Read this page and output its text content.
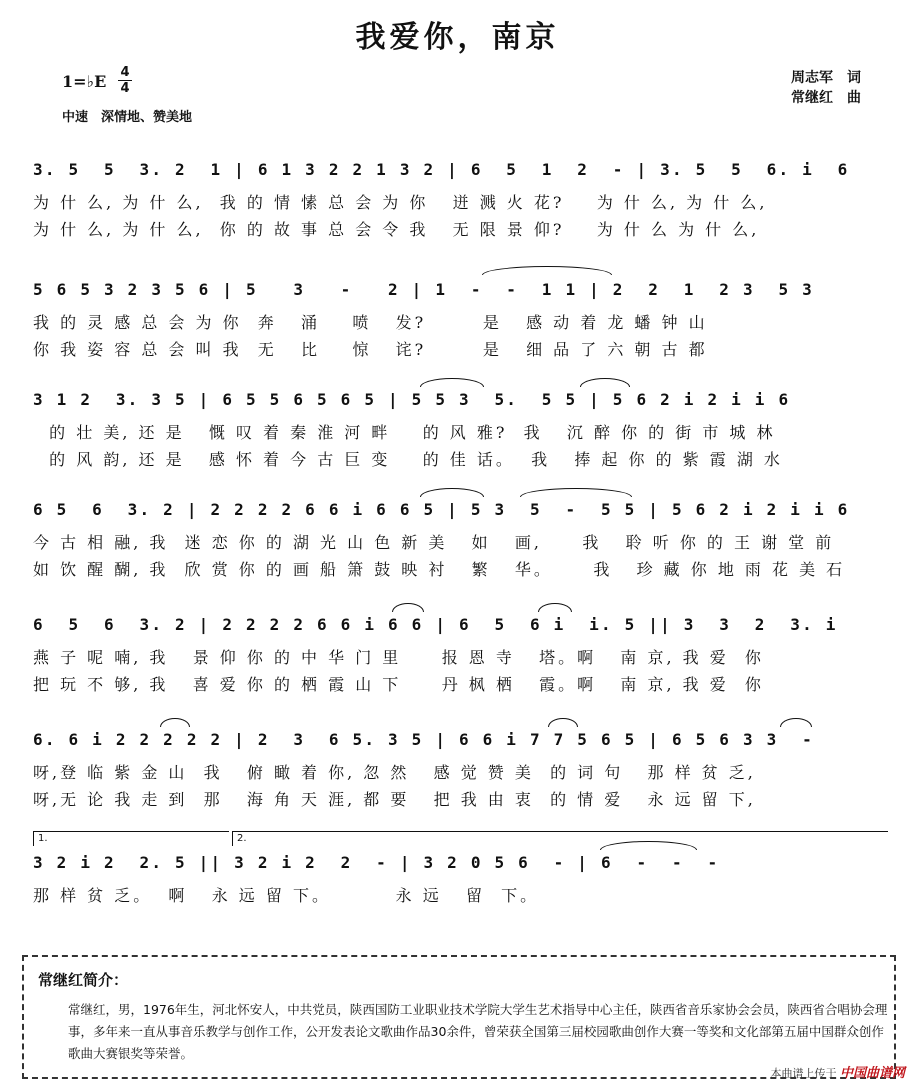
我爱你，南京
1=♭E 4
4
中速　深情地、赞美地
周志军　词
常继红　曲
3. 5  5  3. 2  1 | 6 1 3 2 2 1 3 2 | 6  5  1  2  - | 3. 5  5  6. i  6
为 什 么, 为 什 么,  我 的 情 愫 总 会 为 你   迸 溅 火 花?    为 什 么, 为 什 么,
为 什 么, 为 什 么,  你 的 故 事 总 会 令 我   无 限 景 仰?    为 什 么 为 什 么,
5 6 5 3 2 3 5 6 | 5   3   -   2 | 1  -  -  1 1 | 2  2  1  2 3  5 3
我 的 灵 感 总 会 为 你  奔   涌    喷   发?       是   感 动 着 龙 蟠 钟 山
你 我 姿 容 总 会 叫 我  无   比    惊   诧?       是   细 品 了 六 朝 古 都
3 1 2  3. 3 5 | 6 5 5 6 5 6 5 | 5 5 3  5.  5 5 | 5 6 2 i 2 i i 6
的 壮 美, 还 是   慨 叹 着 秦 淮 河 畔    的 风 雅?  我   沉 醉 你 的 街 市 城 林
的 风 韵, 还 是   感 怀 着 今 古 巨 变    的 佳 话。  我   捧 起 你 的 紫 霞 湖 水
6 5  6  3. 2 | 2 2 2 2 6 6 i 6 6 5 | 5 3  5  -  5 5 | 5 6 2 i 2 i i 6
今 古 相 融, 我  迷 恋 你 的 湖 光 山 色 新 美   如   画,     我   聆 听 你 的 王 谢 堂 前
如 饮 醒 醐, 我  欣 赏 你 的 画 船 箫 鼓 映 衬   繁   华。     我   珍 藏 你 地 雨 花 美 石
6  5  6  3. 2 | 2 2 2 2 6 6 i 6 6 | 6  5  6 i  i. 5 || 3  3  2  3. i
燕 子 呢 喃, 我   景 仰 你 的 中 华 门 里     报 恩 寺   塔。啊   南 京, 我 爱  你
把 玩 不 够, 我   喜 爱 你 的 栖 霞 山 下     丹 枫 栖   霞。啊   南 京, 我 爱  你
6. 6 i 2 2 2 2 2 | 2  3  6 5. 3 5 | 6 6 i 7 7 5 6 5 | 6 5 6 3 3  -
呀,登 临 紫 金 山  我   俯 瞰 着 你, 忽 然   感 觉 赞 美  的 词 句   那 样 贫 乏,
呀,无 论 我 走 到  那   海 角 天 涯, 都 要   把 我 由 衷  的 情 爱   永 远 留 下,
1.	2.
3 2 i 2  2. 5 || 3 2 i 2  2  - | 3 2 0 5 6  - | 6  -  -  -
那 样 贫 乏。  啊   永 远 留 下。        永 远   留  下。
常继红简介：
常继红，男，1976年生，河北怀安人，中共党员，陕西国防工业职业技术学院大学生艺术指导中心主任，陕西省音乐家协会会员，陕西省合唱协会理事，多年来一直从事音乐教学与创作工作，公开发表论文歌曲作品30余件，曾荣获全国第三届校园歌曲创作大赛一等奖和文化部第五届中国群众创作歌曲大赛银奖等荣誉。
本曲谱上传于 中国曲谱网
